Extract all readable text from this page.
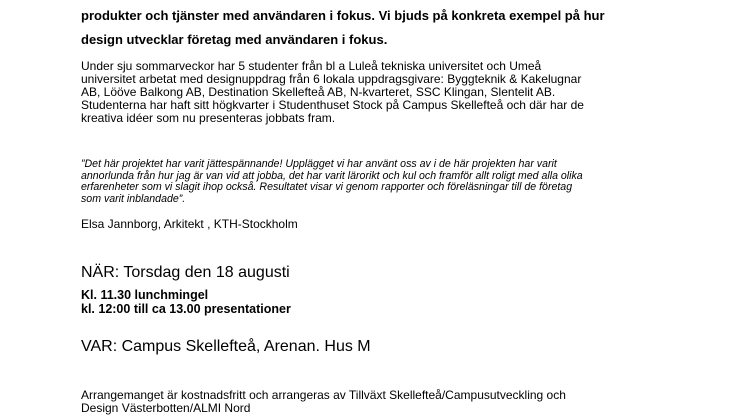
produkter och tjänster med användaren i fokus. Vi bjuds på konkreta exempel på hur
design utvecklar företag med användaren i fokus.
Under sju sommarveckor har 5 studenter från bl a Luleå tekniska universitet och Umeå
universitet arbetat med designuppdrag från 6 lokala uppdragsgivare: Byggteknik & Kakelugnar
AB, Lööve Balkong AB, Destination Skellefteå AB, N-kvarteret, SSC Klingan, Slentelit AB.
Studenterna har haft sitt högkvarter i Studenthuset Stock på Campus Skellefteå och där har de
kreativa idéer som nu presenteras jobbats fram.
”Det här projektet har varit jättespännande! Upplägget vi har använt oss av i de här projekten har varit
annorlunda från hur jag är van vid att jobba, det har varit lärorikt och kul och framför allt roligt med alla olika
erfarenheter som vi slagit ihop också. Resultatet visar vi genom rapporter och föreläsningar till de företag
som varit inblandade”.
Elsa Jannborg, Arkitekt , KTH-Stockholm
NÄR: Torsdag den 18 augusti
Kl. 11.30 lunchmingel
kl. 12:00 till ca 13.00 presentationer
VAR: Campus Skellefteå, Arenan. Hus M
Arrangemanget är kostnadsfritt och arrangeras av Tillväxt Skellefteå/Campusutveckling och
Design Västerbotten/ALMI Nord
